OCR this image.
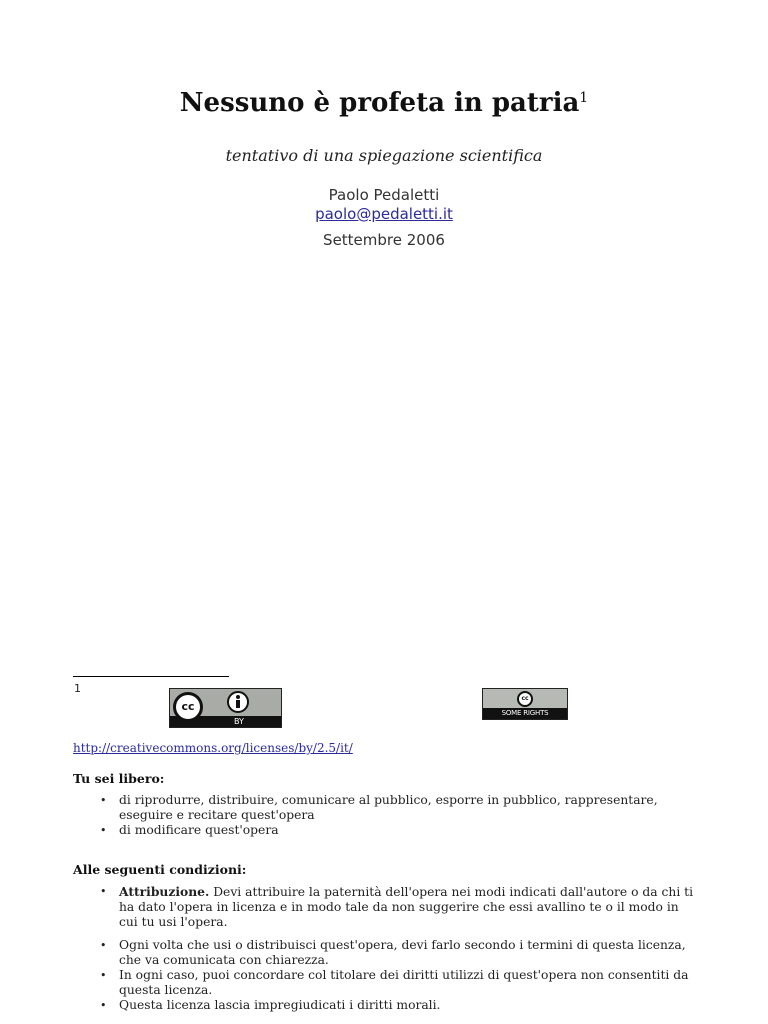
Nessuno è profeta in patria$^1$
tentativo di una spiegazione scientifica
Paolo Pedaletti
paolo@pedaletti.it
Settembre 2006
1
cc
BY
cc
SOME RIGHTS RESERVED
http://creativecommons.org/licenses/by/2.5/it/
Tu sei libero:
• di riprodurre, distribuire, comunicare al pubblico, esporre in pubblico, rappresentare, eseguire e recitare quest'opera
• di modificare quest'opera
Alle seguenti condizioni:
• Attribuzione. Devi attribuire la paternità dell'opera nei modi indicati dall'autore o da chi ti ha dato l'opera in licenza e in modo tale da non suggerire che essi avallino te o il modo in cui tu usi l'opera.
• Ogni volta che usi o distribuisci quest'opera, devi farlo secondo i termini di questa licenza, che va comunicata con chiarezza.
• In ogni caso, puoi concordare col titolare dei diritti utilizzi di quest'opera non consentiti da questa licenza.
• Questa licenza lascia impregiudicati i diritti morali.
